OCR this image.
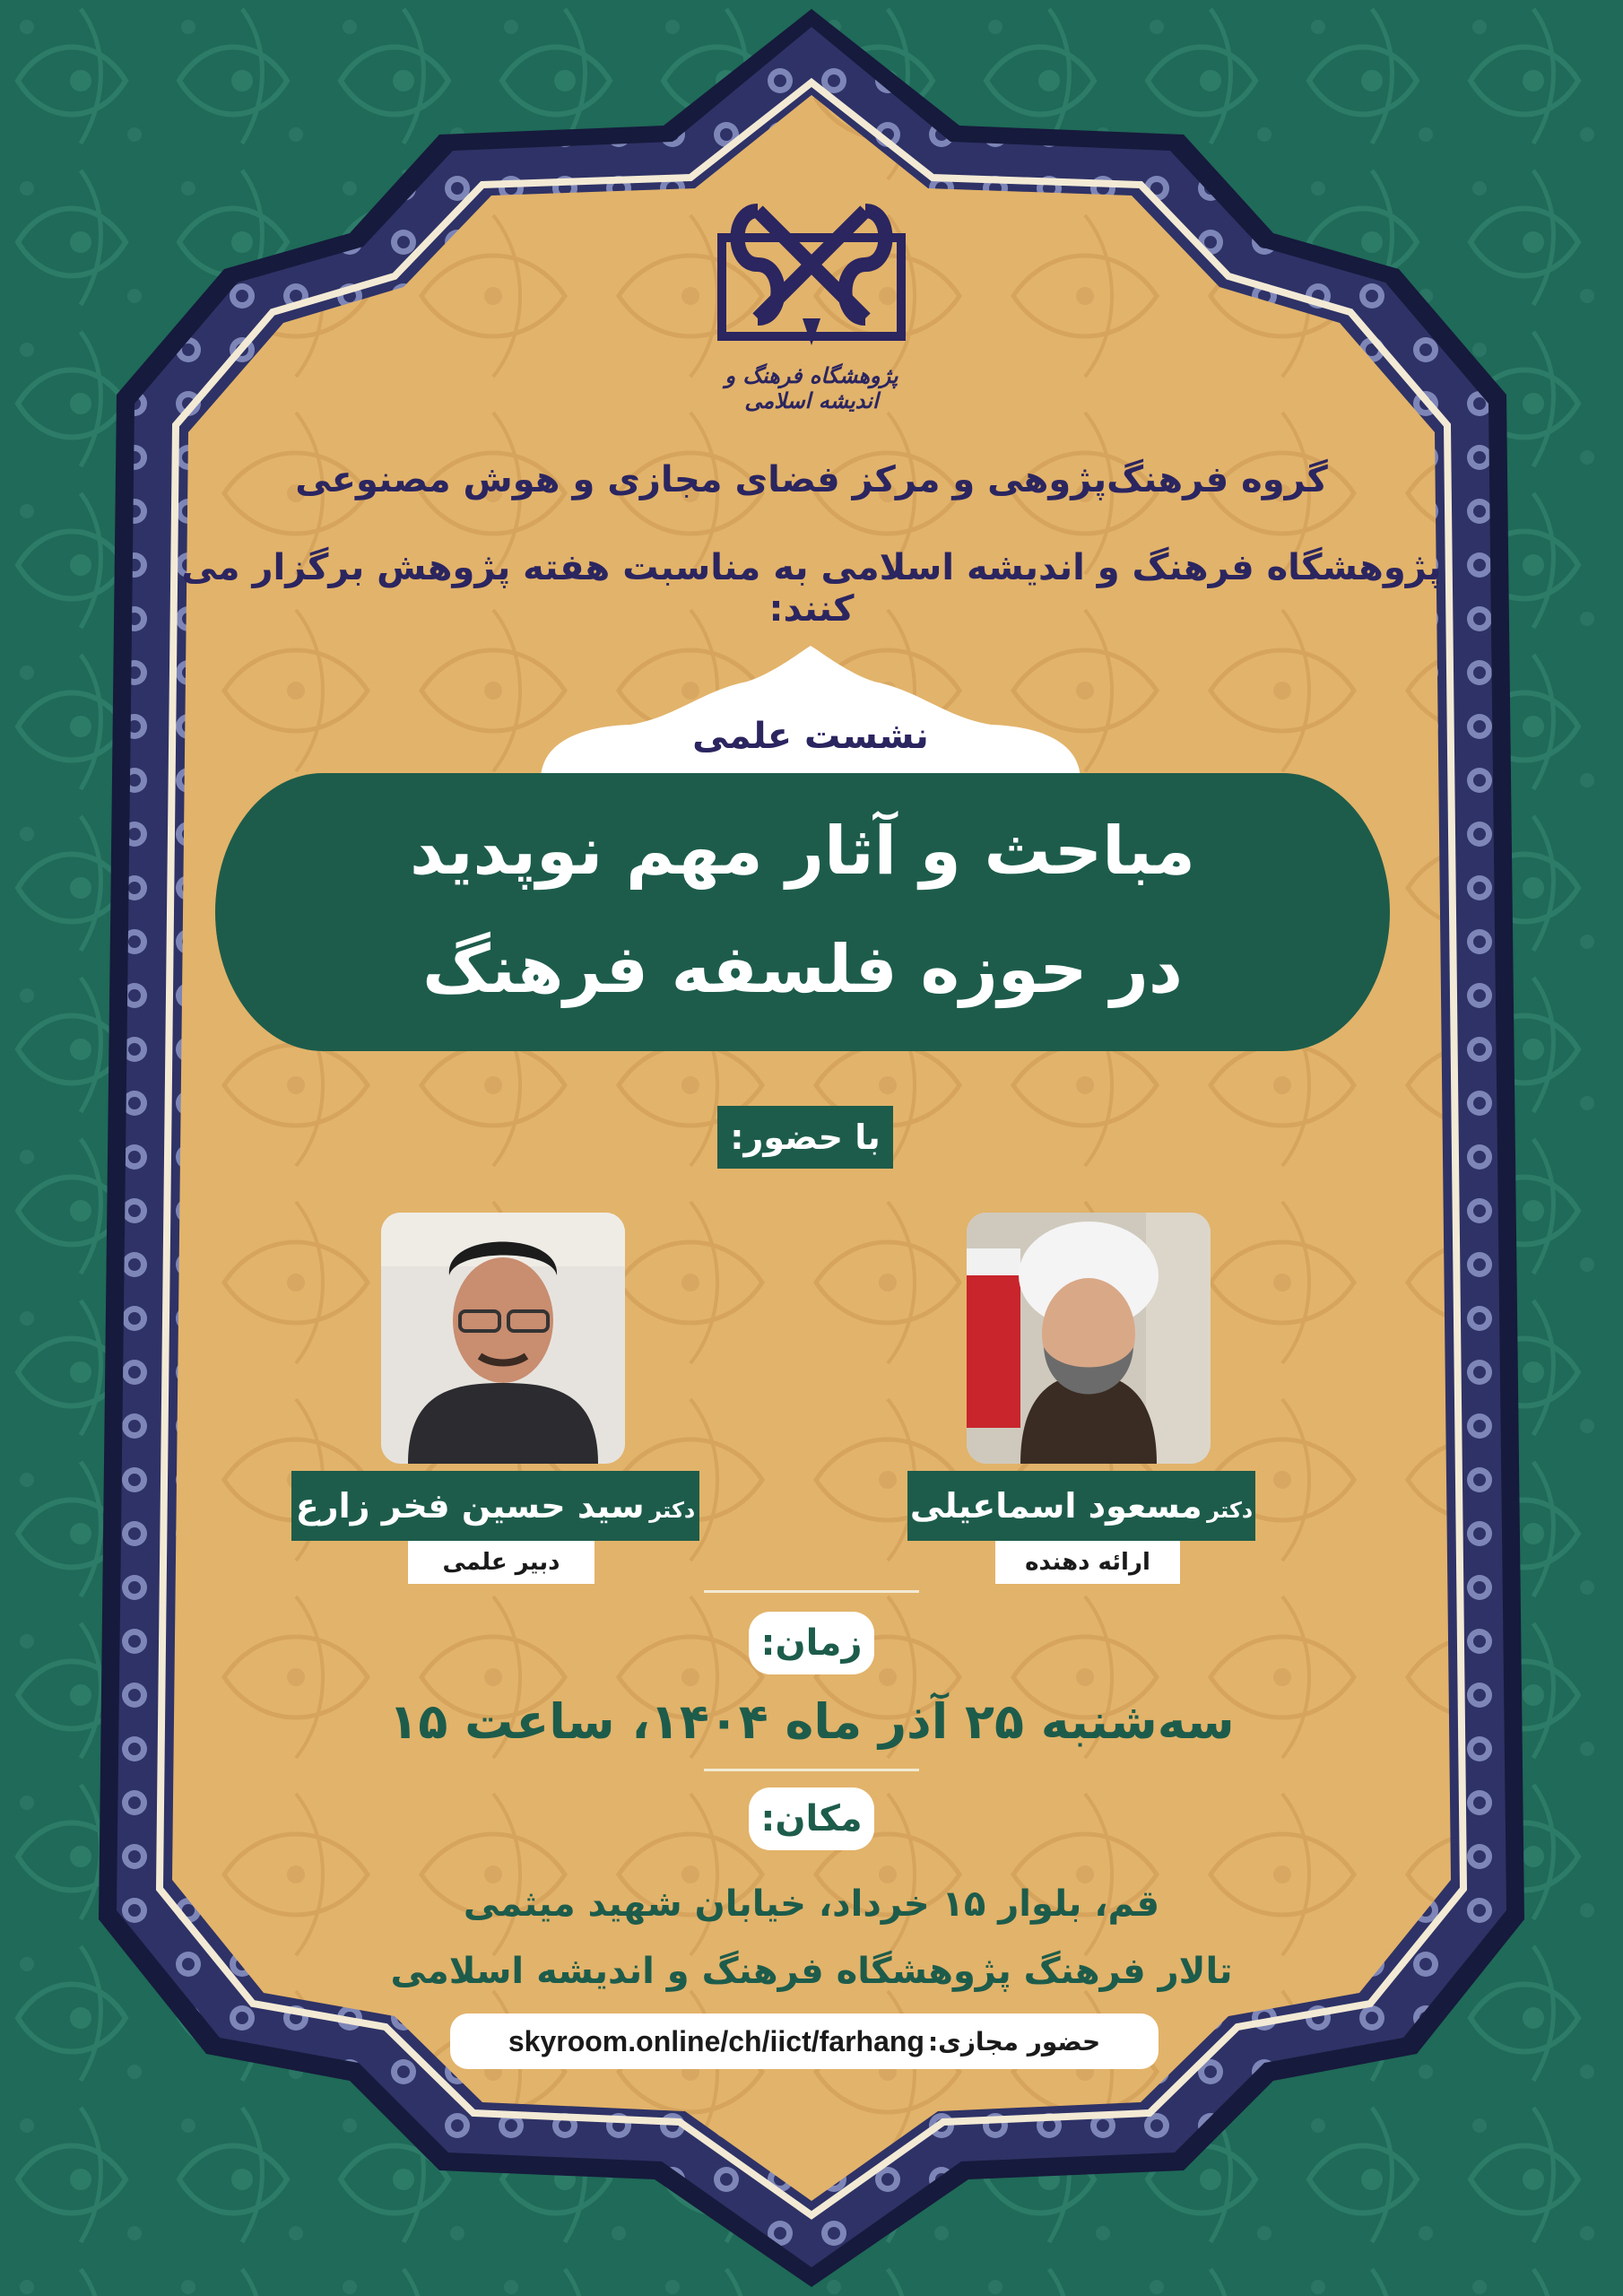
پژوهشگاه فرهنگ و اندیشه اسلامی
گروه فرهنگ‌پژوهی و مرکز فضای مجازی و هوش مصنوعی
پژوهشگاه فرهنگ و اندیشه اسلامی به مناسبت هفته پژوهش برگزار می کنند:
نشست علمی
مباحث و آثار مهم نوپدید
در حوزه فلسفه فرهنگ
با حضور:
دکتر مسعود اسماعیلی
ارائه دهنده
دکتر سید حسین فخر زارع
دبیر علمی
زمان:
سه‌شنبه ۲۵ آذر ماه ۱۴۰۴، ساعت ۱۵
مکان:
قم، بلوار ۱۵ خرداد، خیابان شهید میثمی
تالار فرهنگ پژوهشگاه فرهنگ و اندیشه اسلامی
حضور مجازی:
skyroom.online/ch/iict/farhang
